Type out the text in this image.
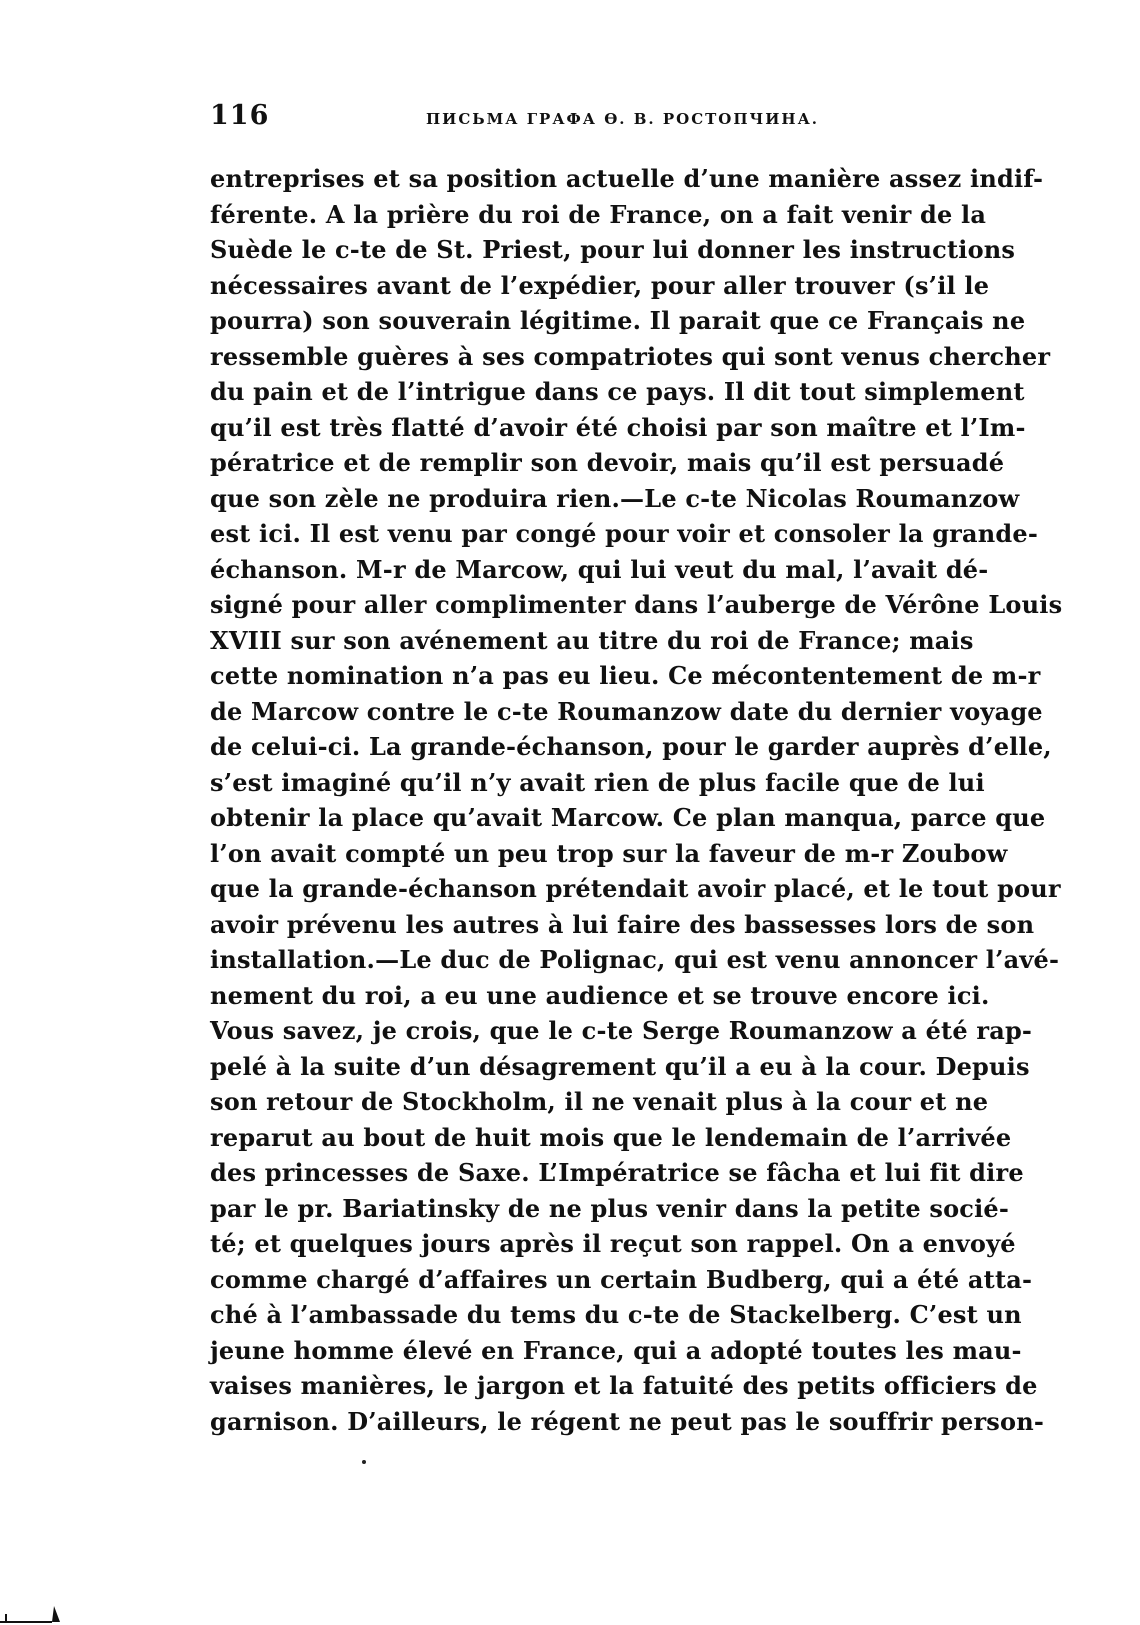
116	ПИСЬМА ГРАФА Ѳ. В. РОСТОПЧИНА.
entreprises et sa position actuelle d’une manière assez indif-
férente. A la prière du roi de France, on a fait venir de la
Suède le c-te de St. Priest, pour lui donner les instructions
nécessaires avant de l’expédier, pour aller trouver (s’il le
pourra) son souverain légitime. Il parait que ce Français ne
ressemble guères à ses compatriotes qui sont venus chercher
du pain et de l’intrigue dans ce pays. Il dit tout simplement
qu’il est très flatté d’avoir été choisi par son maître et l’Im-
pératrice et de remplir son devoir, mais qu’il est persuadé
que son zèle ne produira rien.—Le c-te Nicolas Roumanzow
est ici. Il est venu par congé pour voir et consoler la grande-
échanson. M-r de Marcow, qui lui veut du mal, l’avait dé-
signé pour aller complimenter dans l’auberge de Vérône Louis
XVIII sur son avénement au titre du roi de France; mais
cette nomination n’a pas eu lieu. Ce mécontentement de m-r
de Marcow contre le c-te Roumanzow date du dernier voyage
de celui-ci. La grande-échanson, pour le garder auprès d’elle,
s’est imaginé qu’il n’y avait rien de plus facile que de lui
obtenir la place qu’avait Marcow. Ce plan manqua, parce que
l’on avait compté un peu trop sur la faveur de m-r Zoubow
que la grande-échanson prétendait avoir placé, et le tout pour
avoir prévenu les autres à lui faire des bassesses lors de son
installation.—Le duc de Polignac, qui est venu annoncer l’avé-
nement du roi, a eu une audience et se trouve encore ici.
Vous savez, je crois, que le c-te Serge Roumanzow a été rap-
pelé à la suite d’un désagrement qu’il a eu à la cour. Depuis
son retour de Stockholm, il ne venait plus à la cour et ne
reparut au bout de huit mois que le lendemain de l’arrivée
des princesses de Saxe. L’Impératrice se fâcha et lui fit dire
par le pr. Bariatinsky de ne plus venir dans la petite socié-
té; et quelques jours après il reçut son rappel. On a envoyé
comme chargé d’affaires un certain Budberg, qui a été atta-
ché à l’ambassade du tems du c-te de Stackelberg. C’est un
jeune homme élevé en France, qui a adopté toutes les mau-
vaises manières, le jargon et la fatuité des petits officiers de
garnison. D’ailleurs, le régent ne peut pas le souffrir person-
